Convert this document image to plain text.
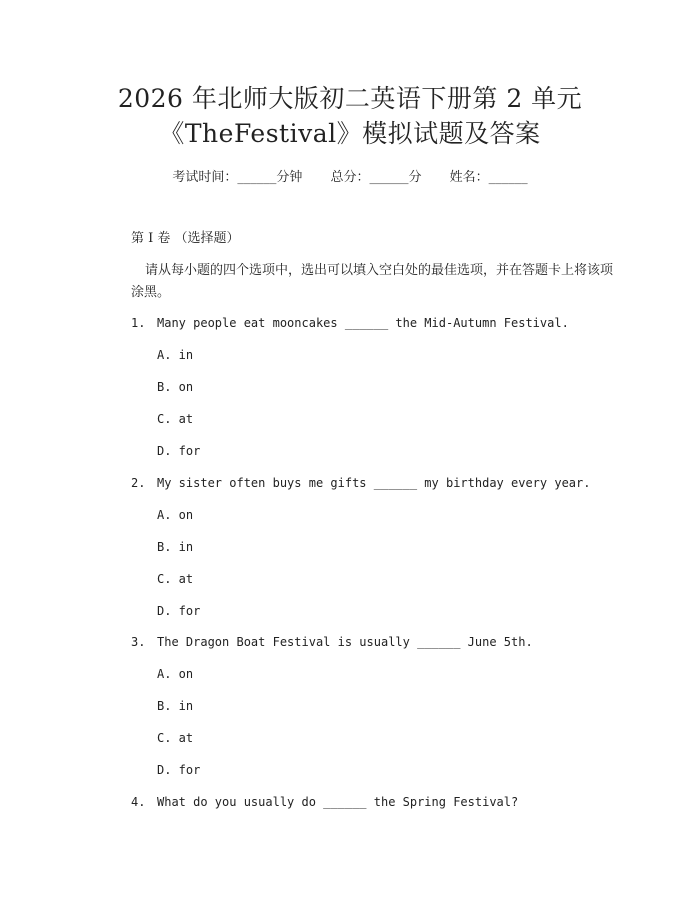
2026 年北师大版初二英语下册第 2 单元
《TheFestival》模拟试题及答案
考试时间：______分钟 总分：______分 姓名：______
第 I 卷 （选择题）
请从每小题的四个选项中，选出可以填入空白处的最佳选项，并在答题卡上将该项涂黑。
1. Many people eat mooncakes ______ the Mid-Autumn Festival.
A. in
B. on
C. at
D. for
2. My sister often buys me gifts ______ my birthday every year.
A. on
B. in
C. at
D. for
3. The Dragon Boat Festival is usually ______ June 5th.
A. on
B. in
C. at
D. for
4. What do you usually do ______ the Spring Festival?
